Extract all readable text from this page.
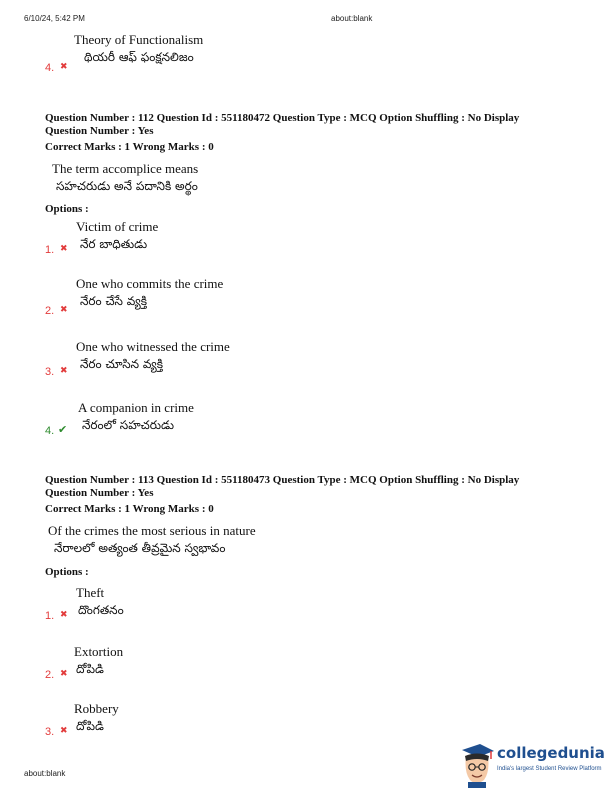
6/10/24, 5:42 PM	about:blank
Theory of Functionalism
థియరీ ఆఫ్ ఫంక్షనలిజం
4. ✖
Question Number : 112 Question Id : 551180472 Question Type : MCQ Option Shuffling : No Display
Question Number : Yes
Correct Marks : 1 Wrong Marks : 0
The term accomplice means
సహచరుడు అనే పదానికి అర్థం
Options :
Victim of crime
నేర బాధితుడు
1. ✖
One who commits the crime
నేరం చేసే వ్యక్తి
2. ✖
One who witnessed the crime
నేరం చూసిన వ్యక్తి
3. ✖
A companion in crime
నేరంలో సహచరుడు
4. ✔
Question Number : 113 Question Id : 551180473 Question Type : MCQ Option Shuffling : No Display
Question Number : Yes
Correct Marks : 1 Wrong Marks : 0
Of the crimes the most serious in nature
నేరాలలో అత్యంత తీవ్రమైన స్వభావం
Options :
Theft
దొంగతనం
1. ✖
Extortion
దోపిడి
2. ✖
Robbery
దోపిడి
3. ✖
about:blank
collegedunia
India's largest Student Review Platform
